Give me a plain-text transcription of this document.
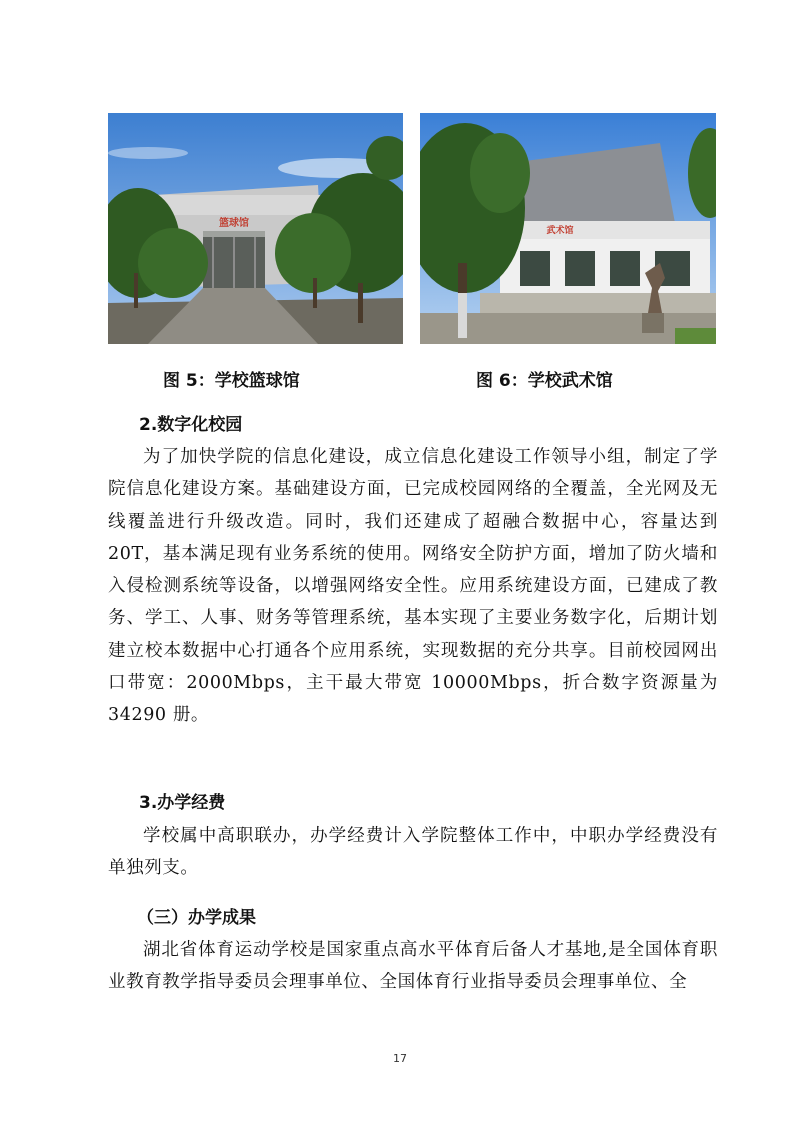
篮球馆
武术馆
图 5：学校篮球馆	图 6：学校武术馆
2.数字化校园

为了加快学院的信息化建设，成立信息化建设工作领导小组，制定了学院信息化建设方案。基础建设方面，已完成校园网络的全覆盖，全光网及无线覆盖进行升级改造。同时，我们还建成了超融合数据中心，容量达到 20T，基本满足现有业务系统的使用。网络安全防护方面，增加了防火墙和入侵检测系统等设备，以增强网络安全性。应用系统建设方面，已建成了教务、学工、人事、财务等管理系统，基本实现了主要业务数字化，后期计划建立校本数据中心打通各个应用系统，实现数据的充分共享。目前校园网出口带宽：2000Mbps，主干最大带宽 10000Mbps，折合数字资源量为 34290 册。

3.办学经费

学校属中高职联办，办学经费计入学院整体工作中，中职办学经费没有单独列支。

（三）办学成果

湖北省体育运动学校是国家重点高水平体育后备人才基地,是全国体育职业教育教学指导委员会理事单位、全国体育行业指导委员会理事单位、全

17
